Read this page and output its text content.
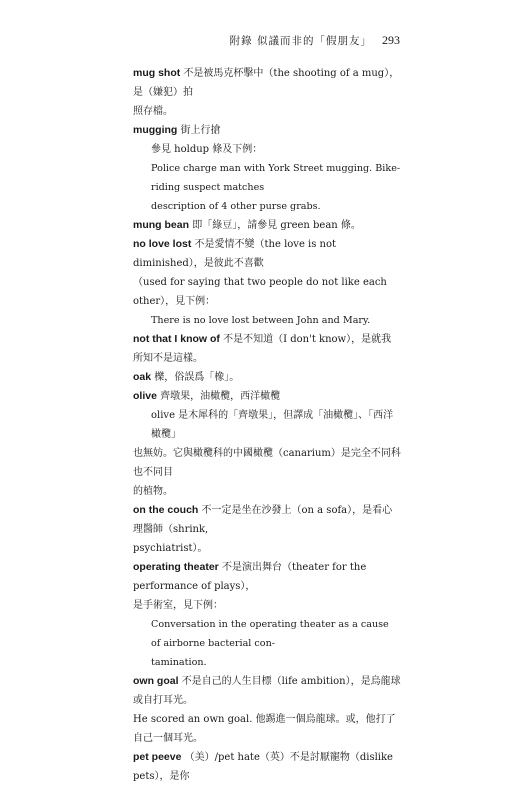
附錄 似議而非的「假朋友」 293

mug shot 不是被馬克杯擊中（the shooting of a mug），是（嫌犯）拍

照存檔。

mugging 街上行搶

參見 holdup 條及下例：

Police charge man with York Street mugging. Bike-riding suspect matches

description of 4 other purse grabs.

mung bean 即「綠豆」，請參見 green bean 條。

no love lost 不是愛情不變（the love is not diminished），是彼此不喜歡

（used for saying that two people do not like each other），見下例：

There is no love lost between John and Mary.

not that I know of 不是不知道（I don't know），是就我所知不是這樣。

oak 櫟，俗誤爲「橡」。

olive 齊墩果，油橄欖，西洋橄欖

olive 是木犀科的「齊墩果」，但譯成「油橄欖」、「西洋橄欖」

也無妨。它與橄欖科的中國橄欖（canarium）是完全不同科也不同目

的植物。

on the couch 不一定是坐在沙發上（on a sofa），是看心理醫師（shrink,

psychiatrist）。

operating theater 不是演出舞台（theater for the performance of plays），

是手術室，見下例：

Conversation in the operating theater as a cause of airborne bacterial con-

tamination.

own goal 不是自己的人生目標（life ambition），是烏龍球或自打耳光。

He scored an own goal. 他踢進一個烏龍球。或，他打了自己一個耳光。

pet peeve （美）/pet hate（英）不是討厭寵物（dislike pets），是你
